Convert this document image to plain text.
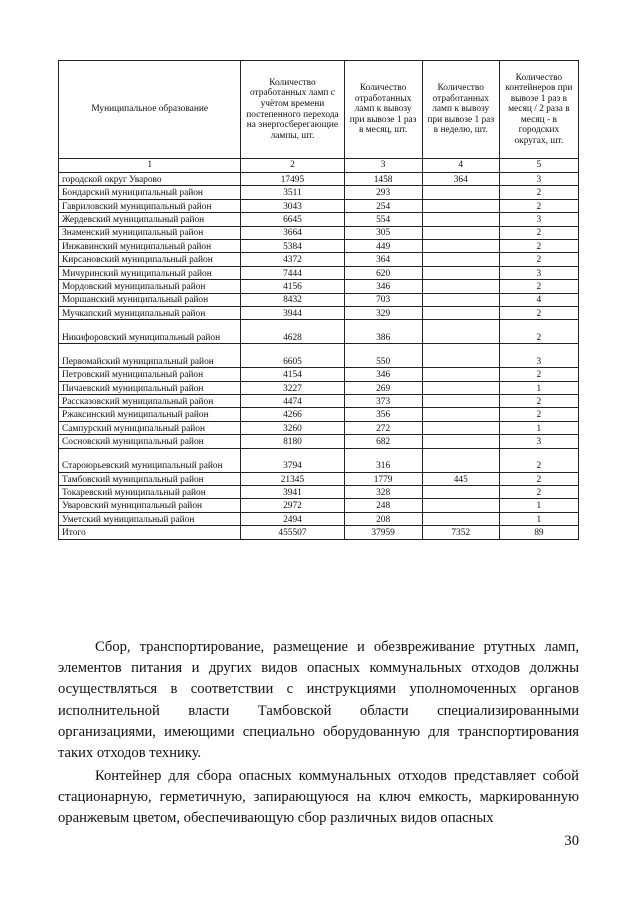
Муниципальное образование	Количество отработанных ламп с учётом времени постепенного перехода на энергосберегающие лампы, шт.	Количество отработанных ламп к вывозу при вывозе 1 раз в месяц, шт.	Количество отработанных ламп к вывозу при вывозе 1 раз в неделю, шт.	Количество контейнеров при вывозе 1 раз в месяц / 2 раза в месяц - в городских округах, шт.
1	2	3	4	5
городской округ Уварово	17495	1458	364	3
Бондарский муниципальный район	3511	293		2
Гавриловский муниципальный район	3043	254		2
Жердевский муниципальный район	6645	554		3
Знаменский муниципальный район	3664	305		2
Инжавинский муниципальный район	5384	449		2
Кирсановский муниципальный район	4372	364		2
Мичуринский муниципальный район	7444	620		3
Мордовский муниципальный район	4156	346		2
Моршанский муниципальный район	8432	703		4
Мучкапский муниципальный район	3944	329		2
Никифоровский муниципальный район	4628	386		2
Первомайский муниципальный район	6605	550		3
Петровский муниципальный район	4154	346		2
Пичаевский муниципальный район	3227	269		1
Рассказовский муниципальный район	4474	373		2
Ржаксинский муниципальный район	4266	356		2
Сампурский муниципальный район	3260	272		1
Сосновский муниципальный район	8180	682		3
Староюрьевский муниципальный район	3794	316		2
Тамбовский муниципальный район	21345	1779	445	2
Токаревский муниципальный район	3941	328		2
Уваровский муниципальный район	2972	248		1
Уметский муниципальный район	2494	208		1
Итого	455507	37959	7352	89

Сбор, транспортирование, размещение и обезвреживание ртутных ламп, элементов питания и других видов опасных коммунальных отходов должны осуществляться в соответствии с инструкциями уполномоченных органов исполнительной власти Тамбовской области специализированными организациями, имеющими специально оборудованную для транспортирования таких отходов технику.

Контейнер для сбора опасных коммунальных отходов представляет собой стационарную, герметичную, запирающуюся на ключ емкость, маркированную оранжевым цветом, обеспечивающую сбор различных видов опасных

30
